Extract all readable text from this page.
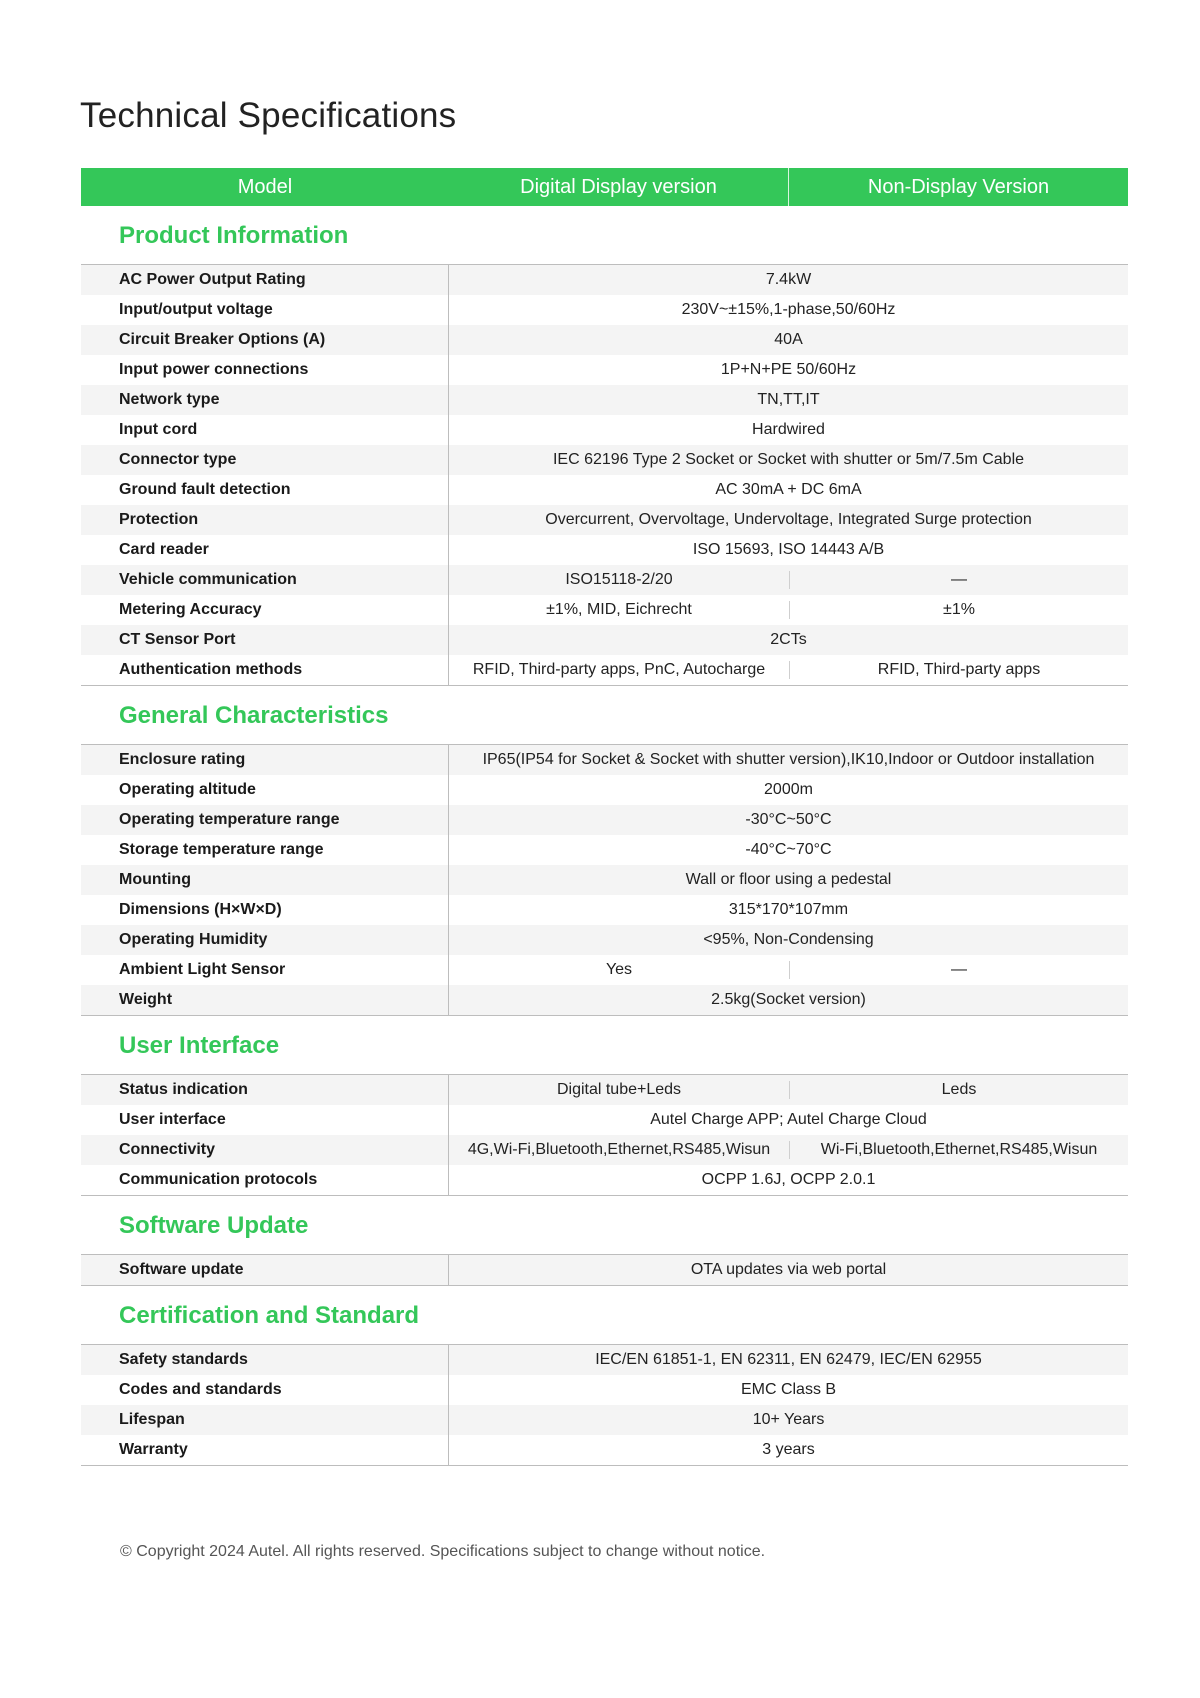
Technical Specifications
Model	Digital Display version	Non-Display Version
Product Information
AC Power Output Rating	7.4kW
Input/output voltage	230V~±15%,1-phase,50/60Hz
Circuit Breaker Options (A)	40A
Input power connections	1P+N+PE 50/60Hz
Network type	TN,TT,IT
Input cord	Hardwired
Connector type	IEC 62196 Type 2 Socket or Socket with shutter or 5m/7.5m Cable
Ground fault detection	AC 30mA + DC 6mA
Protection	Overcurrent, Overvoltage, Undervoltage, Integrated Surge protection
Card reader	ISO 15693, ISO 14443 A/B
Vehicle communication	ISO15118-2/20	—
Metering Accuracy	±1%, MID, Eichrecht	±1%
CT Sensor Port	2CTs
Authentication methods	RFID, Third-party apps, PnC, Autocharge	RFID, Third-party apps
General Characteristics
Enclosure rating	IP65(IP54 for Socket & Socket with shutter version),IK10,Indoor or Outdoor installation
Operating altitude	2000m
Operating temperature range	-30°C~50°C
Storage temperature range	-40°C~70°C
Mounting	Wall or floor using a pedestal
Dimensions (H×W×D)	315*170*107mm
Operating Humidity	<95%, Non-Condensing
Ambient Light Sensor	Yes	—
Weight	2.5kg(Socket version)
User Interface
Status indication	Digital tube+Leds	Leds
User interface	Autel Charge APP; Autel Charge Cloud
Connectivity	4G,Wi-Fi,Bluetooth,Ethernet,RS485,Wisun	Wi-Fi,Bluetooth,Ethernet,RS485,Wisun
Communication protocols	OCPP 1.6J, OCPP 2.0.1
Software Update
Software update	OTA updates via web portal
Certification and Standard
Safety standards	IEC/EN 61851-1, EN 62311, EN 62479, IEC/EN 62955
Codes and standards	EMC Class B
Lifespan	10+ Years
Warranty	3 years
© Copyright 2024 Autel. All rights reserved. Specifications subject to change without notice.
